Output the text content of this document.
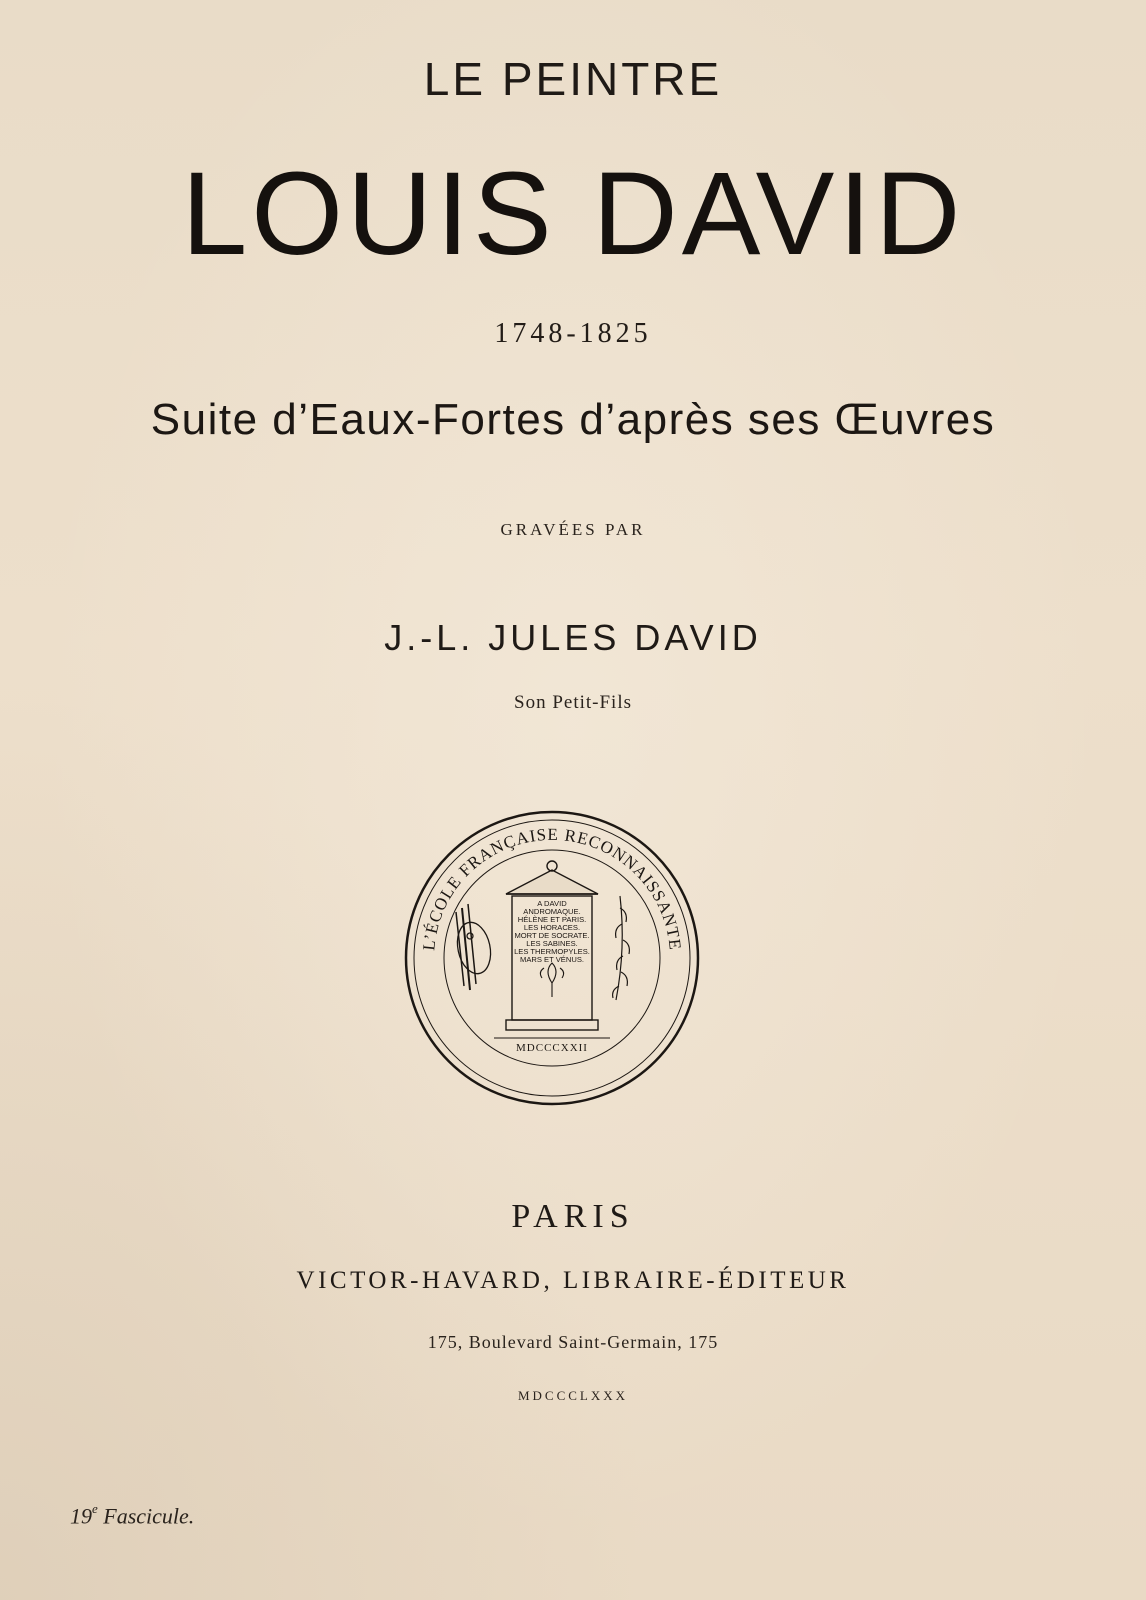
LE PEINTRE
LOUIS DAVID
1748-1825
Suite d’Eaux-Fortes d’après ses Œuvres
GRAVÉES PAR
J.-L. JULES DAVID
Son Petit-Fils
L’ÉCOLE FRANÇAISE RECONNAISSANTE
A DAVID
ANDROMAQUE.
HÉLÈNE ET PARIS.
LES HORACES.
MORT DE SOCRATE.
LES SABINES.
LES THERMOPYLES.
MARS ET VÉNUS.
MDCCCXXII
PARIS
VICTOR-HAVARD, LIBRAIRE-ÉDITEUR
175, Boulevard Saint-Germain, 175
MDCCCLXXX
19e Fascicule.
